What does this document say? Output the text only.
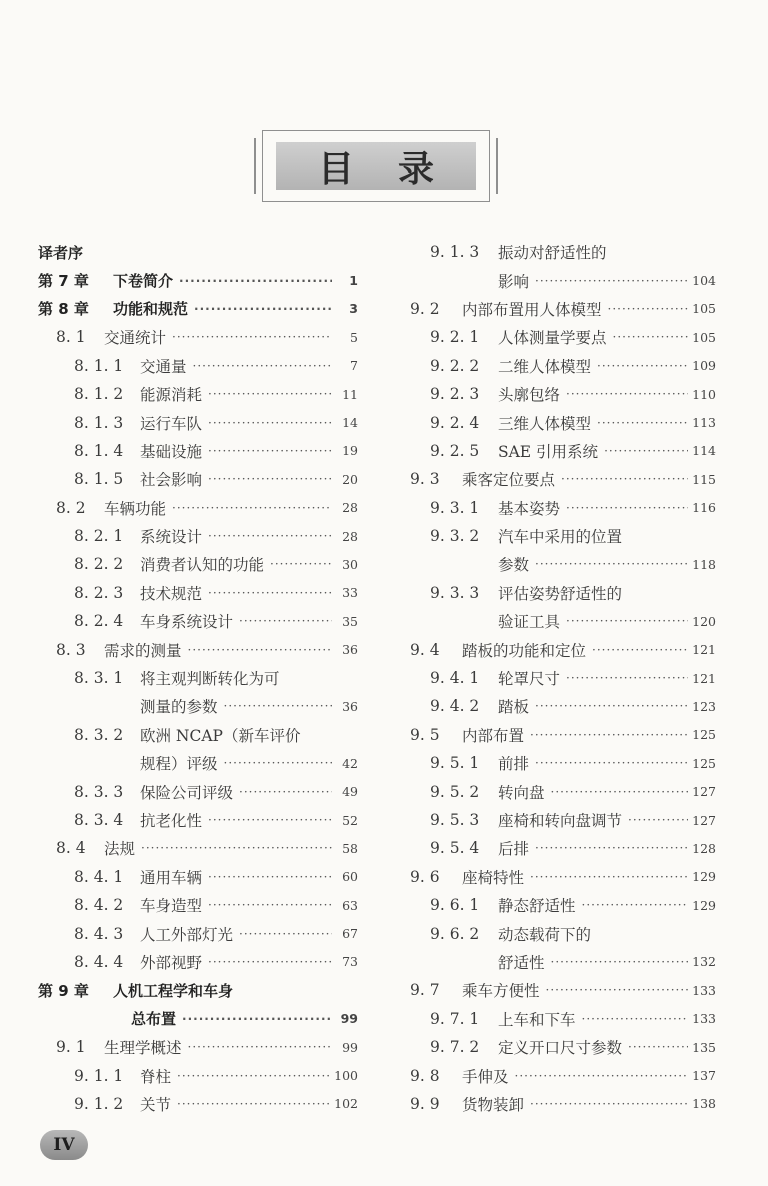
目 录
译者序
第 7 章	下卷简介 ·····	1
第 8 章	功能和规范 ·····	3
8. 1	交通统计 ·····	5
8. 1. 1	交通量 ·····	7
8. 1. 2	能源消耗 ·····	11
8. 1. 3	运行车队 ·····	14
8. 1. 4	基础设施 ·····	19
8. 1. 5	社会影响 ·····	20
8. 2	车辆功能 ·····	28
8. 2. 1	系统设计 ·····	28
8. 2. 2	消费者认知的功能 ·····	30
8. 2. 3	技术规范 ·····	33
8. 2. 4	车身系统设计 ·····	35
8. 3	需求的测量 ·····	36
8. 3. 1	将主观判断转化为可
测量的参数 ·····	36
8. 3. 2	欧洲 NCAP（新车评价
规程）评级 ·····	42
8. 3. 3	保险公司评级 ·····	49
8. 3. 4	抗老化性 ·····	52
8. 4	法规 ·····	58
8. 4. 1	通用车辆 ·····	60
8. 4. 2	车身造型 ·····	63
8. 4. 3	人工外部灯光 ·····	67
8. 4. 4	外部视野 ·····	73
第 9 章	人机工程学和车身
总布置 ·····	99
9. 1	生理学概述 ·····	99
9. 1. 1	脊柱 ·····	100
9. 1. 2	关节 ·····	102
9. 1. 3	振动对舒适性的
影响 ·····	104
9. 2	内部布置用人体模型 ·····	105
9. 2. 1	人体测量学要点 ·····	105
9. 2. 2	二维人体模型 ·····	109
9. 2. 3	头廓包络 ·····	110
9. 2. 4	三维人体模型 ·····	113
9. 2. 5	SAE 引用系统 ·····	114
9. 3	乘客定位要点 ·····	115
9. 3. 1	基本姿势 ·····	116
9. 3. 2	汽车中采用的位置
参数 ·····	118
9. 3. 3	评估姿势舒适性的
验证工具 ·····	120
9. 4	踏板的功能和定位 ·····	121
9. 4. 1	轮罩尺寸 ·····	121
9. 4. 2	踏板 ·····	123
9. 5	内部布置 ·····	125
9. 5. 1	前排 ·····	125
9. 5. 2	转向盘 ·····	127
9. 5. 3	座椅和转向盘调节 ·····	127
9. 5. 4	后排 ·····	128
9. 6	座椅特性 ·····	129
9. 6. 1	静态舒适性 ·····	129
9. 6. 2	动态载荷下的
舒适性 ·····	132
9. 7	乘车方便性 ·····	133
9. 7. 1	上车和下车 ·····	133
9. 7. 2	定义开口尺寸参数 ·····	135
9. 8	手伸及 ·····	137
9. 9	货物装卸 ·····	138
IV
